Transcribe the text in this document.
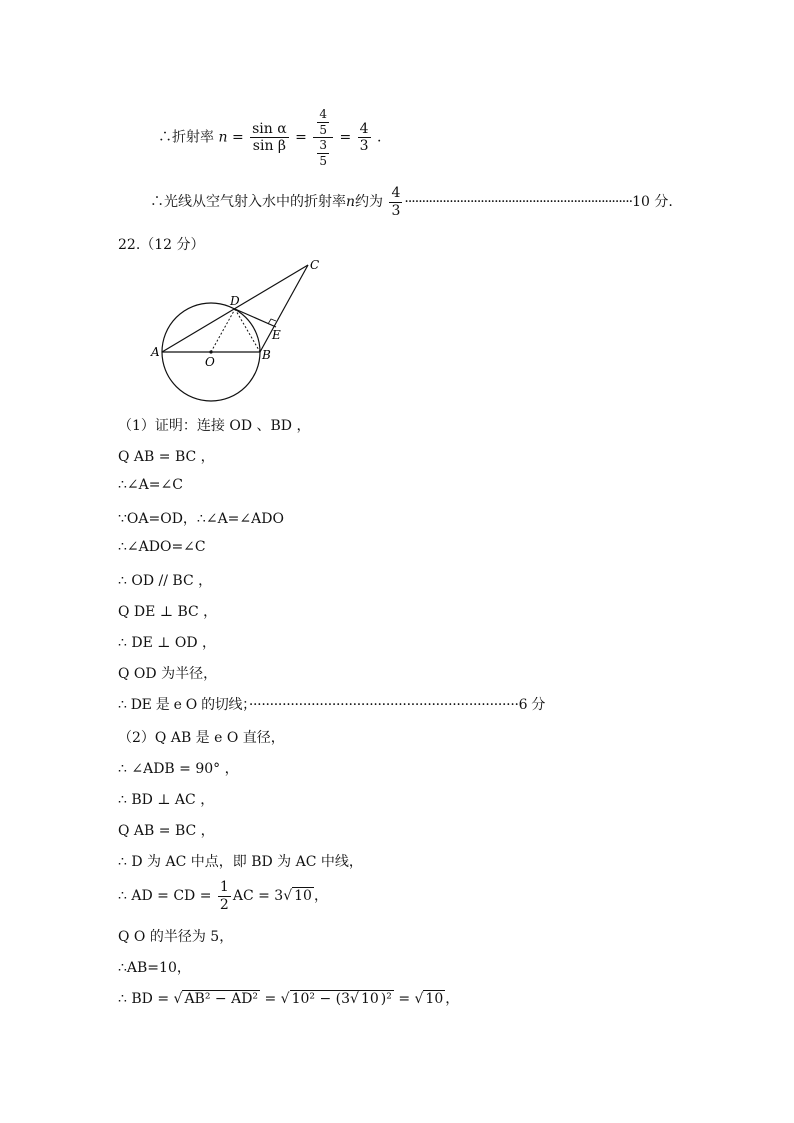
∴折射率 $n = \frac{\text{sin α}}{\text{sin β}} = \frac{\frac{4}{5}}{\frac{3}{5}} = \frac{4}{3}$ .
∴光线从空气射入水中的折射率n约为 $\frac{4}{3} \cdot\cdot\cdot\cdot\cdot\cdot\cdot\cdot\cdot\cdot\cdot\cdot\cdot\cdot\cdot\cdot\cdot\cdot\cdot\cdot\cdot\cdot\cdot\cdot\cdot\cdot\cdot\cdot\cdot\cdot\cdot\cdot\cdot\cdot\cdot\cdot\cdot\cdot\cdot\cdot\cdot\cdot\cdot\cdot\cdot\cdot\cdot\cdot\cdot\cdot\cdot\cdot\cdot\cdot\cdot\cdot\cdot\cdot\cdot\cdot\cdot\cdot\cdot\cdot\cdot\cdot 10$ 分.
22.（12 分）
A	B
C
D
E
O
（1）证明：连接 OD 、BD ，
Q AB = BC ，
∴∠A=∠C
∵OA=OD，∴∠A=∠ADO
∴∠ADO=∠C
∴ OD // BC ，
Q DE ⊥ BC ，
∴ DE ⊥ OD ，
Q OD 为半径，
∴ DE 是 e O 的切线；·································································6 分
（2）Q AB 是 e O 直径，
∴ ∠ADB = 90° ，
∴ BD ⊥ AC ，
Q AB = BC ，
∴ D 为 AC 中点，即 BD 为 AC 中线，
∴ AD = CD = $\frac{1}{2}$ AC = 3√ 10 ，
Q O 的半径为 5，
∴AB=10，
∴ BD = √ AB² − AD² = √ 10² − (3√ 10 )² = √ 10 ，
